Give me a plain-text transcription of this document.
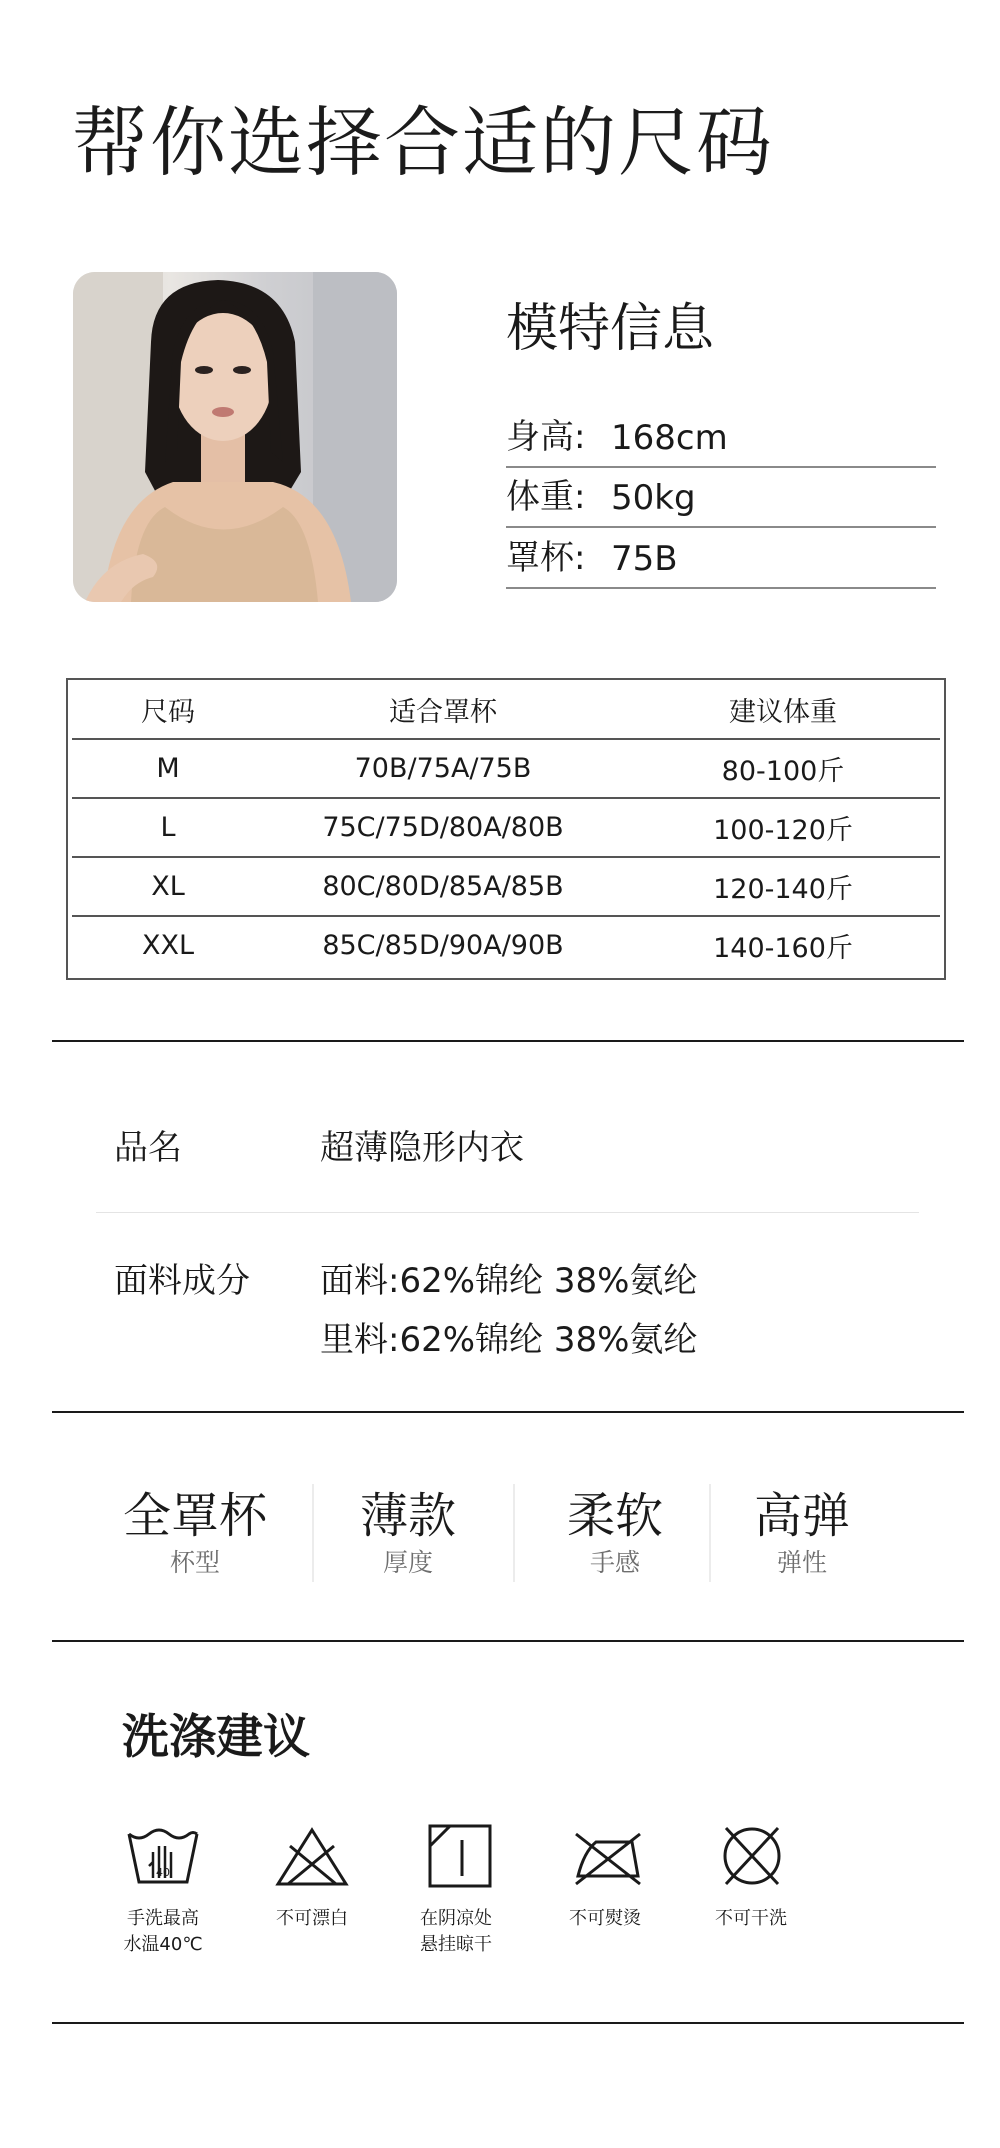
帮你选择合适的尺码
模特信息
身高: 168cm
体重: 50kg
罩杯: 75B
尺码	适合罩杯	建议体重
M	70B/75A/75B	80-100斤
L	75C/75D/80A/80B	100-120斤
XL	80C/80D/85A/85B	120-140斤
XXL	85C/85D/90A/90B	140-160斤
品名	超薄隐形内衣
面料成分 面料:62%锦纶 38%氨纶
里料:62%锦纶 38%氨纶
全罩杯
杯型
薄款
厚度
柔软
手感
高弹
弹性
洗涤建议
40
手洗最高
水温40℃
不可漂白	在阴凉处
悬挂晾干
不可熨烫	不可干洗
